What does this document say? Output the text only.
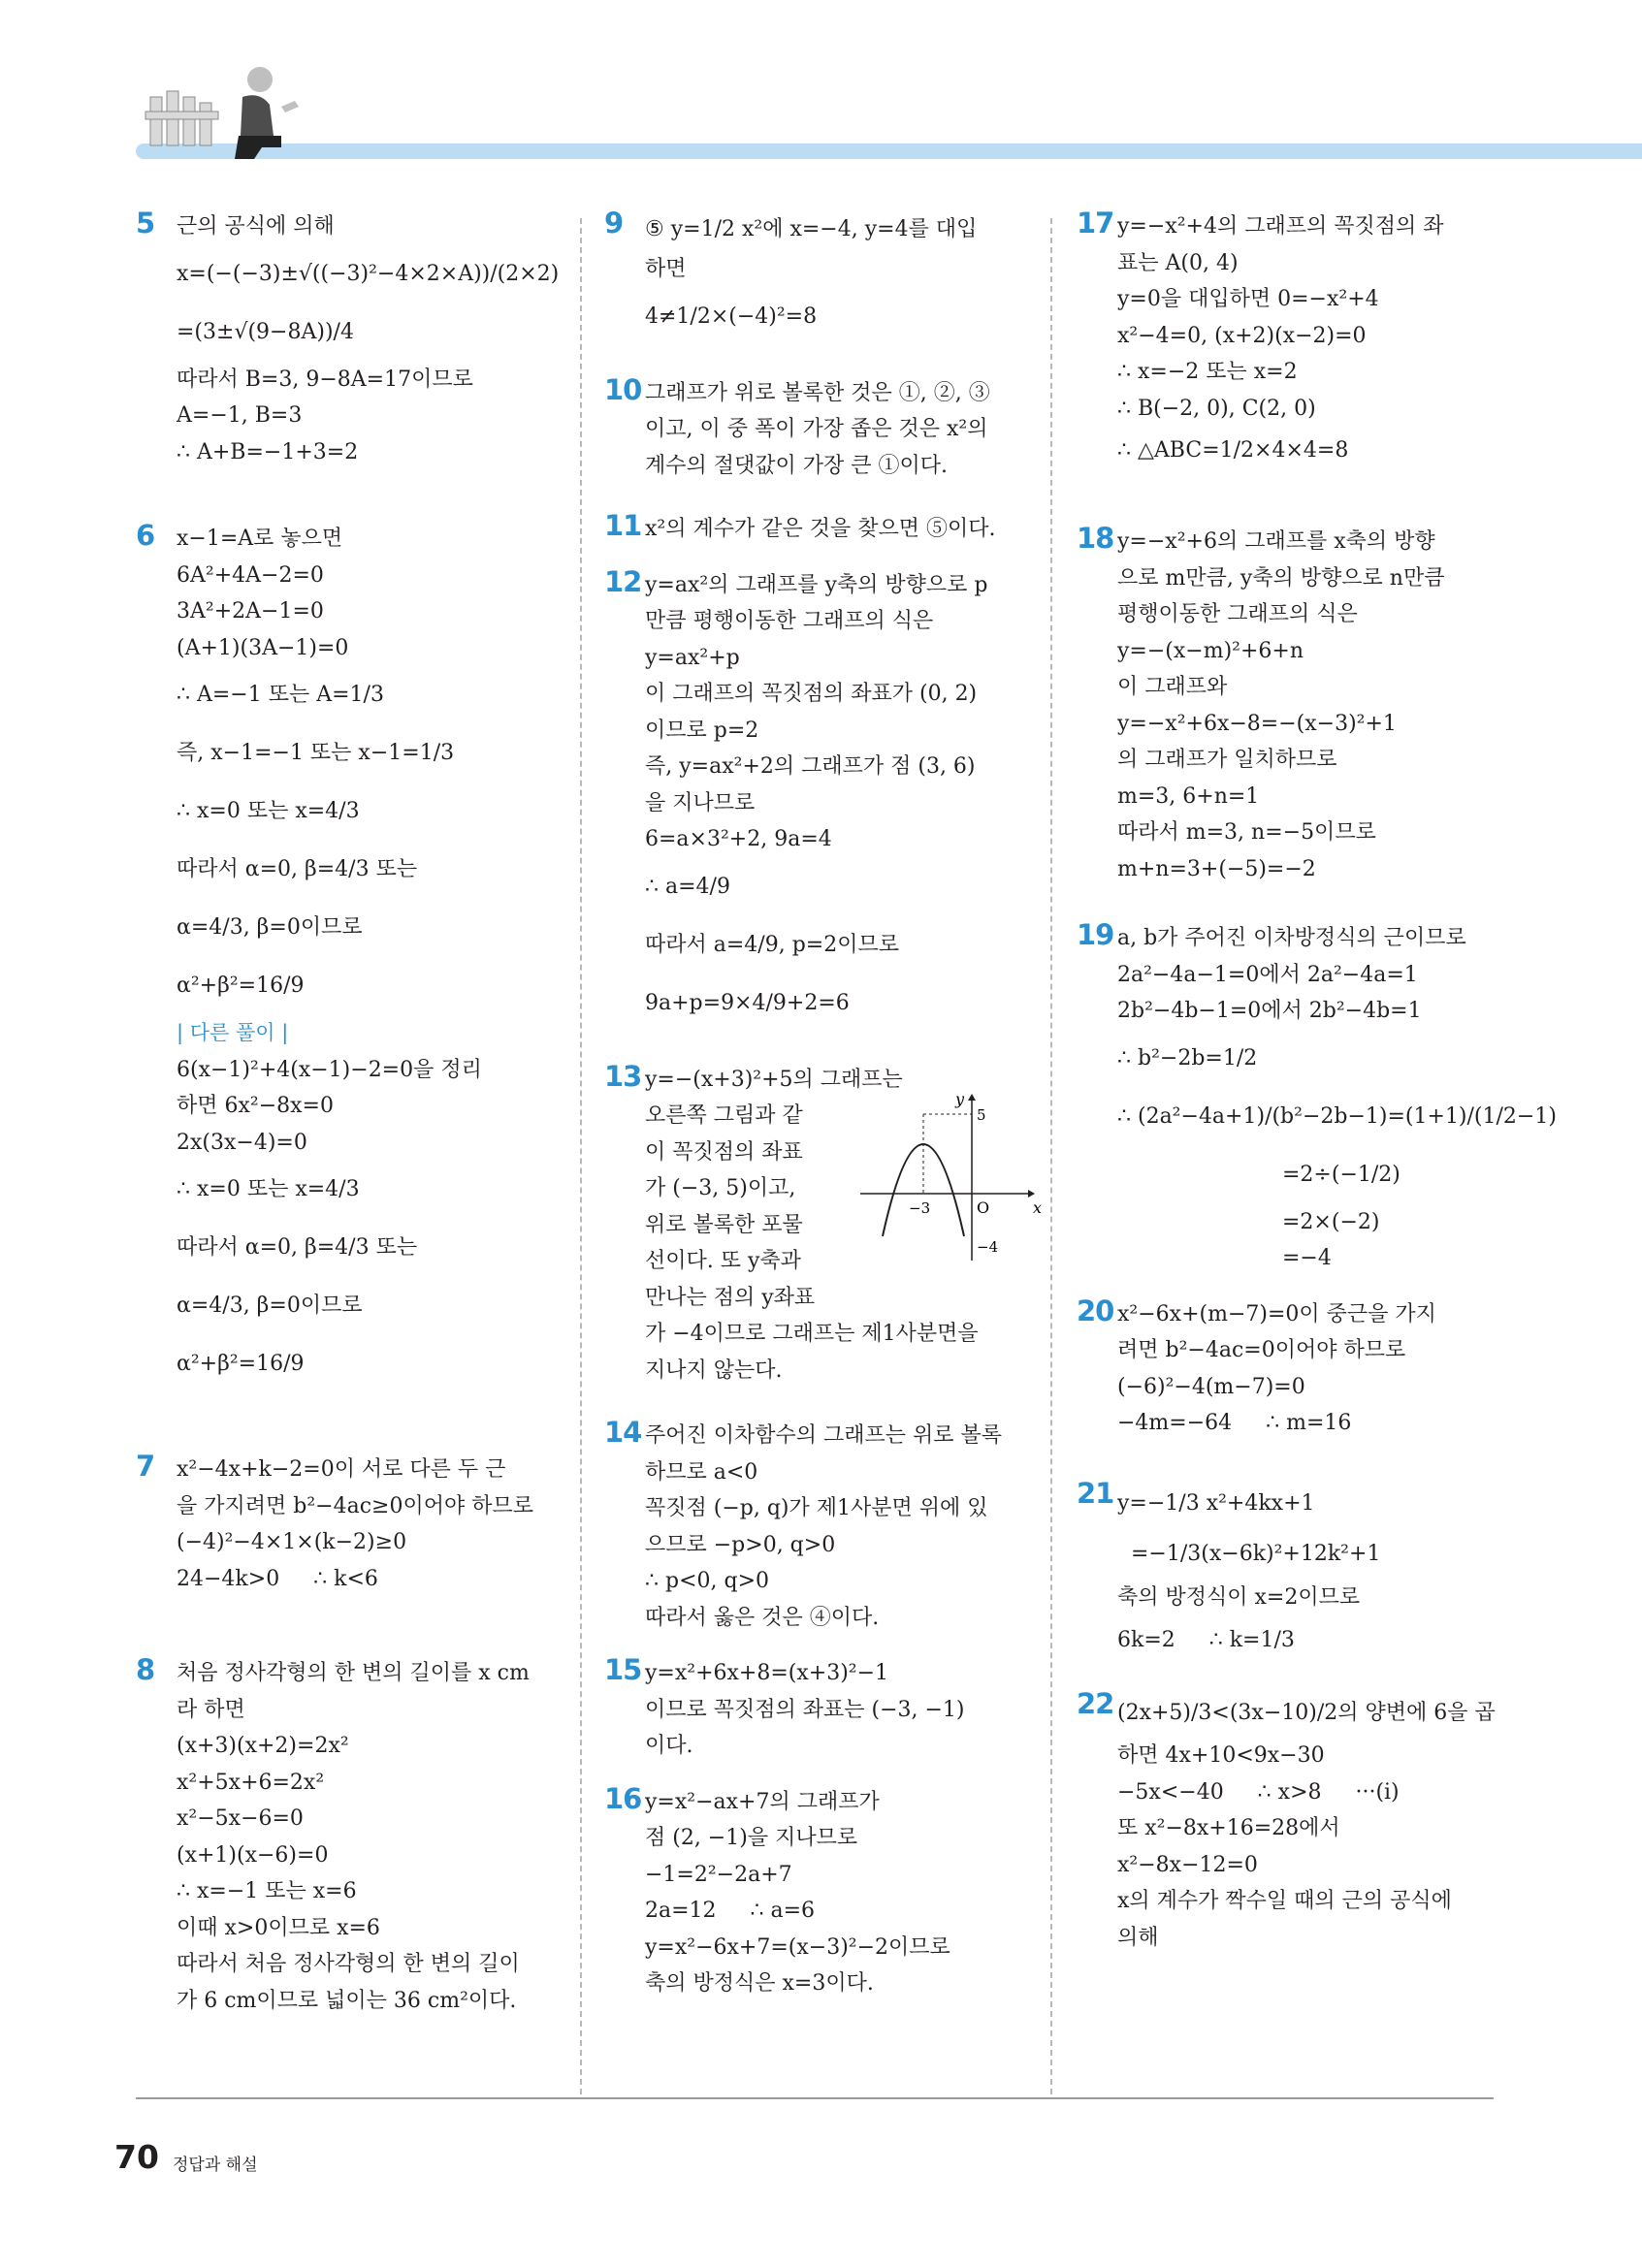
5 근의 공식에 의해
x=(−(−3)±√((−3)²−4×2×A))/(2×2)
=(3±√(9−8A))/4
따라서 B=3, 9−8A=17이므로
A=−1, B=3
∴ A+B=−1+3=2
6 x−1=A로 놓으면
6A²+4A−2=0
3A²+2A−1=0
(A+1)(3A−1)=0
∴ A=−1 또는 A=1/3
즉, x−1=−1 또는 x−1=1/3
∴ x=0 또는 x=4/3
따라서 α=0, β=4/3 또는
α=4/3, β=0이므로
α²+β²=16/9
| 다른 풀이 |
6(x−1)²+4(x−1)−2=0을 정리
하면 6x²−8x=0
2x(3x−4)=0
∴ x=0 또는 x=4/3
따라서 α=0, β=4/3 또는
α=4/3, β=0이므로
α²+β²=16/9
7 x²−4x+k−2=0이 서로 다른 두 근
을 가지려면 b²−4ac≥0이어야 하므로
(−4)²−4×1×(k−2)≥0
24−4k>0     ∴ k<6
8 처음 정사각형의 한 변의 길이를 x cm
라 하면
(x+3)(x+2)=2x²
x²+5x+6=2x²
x²−5x−6=0
(x+1)(x−6)=0
∴ x=−1 또는 x=6
이때 x>0이므로 x=6
따라서 처음 정사각형의 한 변의 길이
가 6 cm이므로 넓이는 36 cm²이다.
9 ⑤ y=1/2 x²에 x=−4, y=4를 대입
하면
4≠1/2×(−4)²=8
10 그래프가 위로 볼록한 것은 ①, ②, ③
이고, 이 중 폭이 가장 좁은 것은 x²의
계수의 절댓값이 가장 큰 ①이다.
11 x²의 계수가 같은 것을 찾으면 ⑤이다.
12 y=ax²의 그래프를 y축의 방향으로 p
만큼 평행이동한 그래프의 식은
y=ax²+p
이 그래프의 꼭짓점의 좌표가 (0, 2)
이므로 p=2
즉, y=ax²+2의 그래프가 점 (3, 6)
을 지나므로
6=a×3²+2, 9a=4
∴ a=4/9
따라서 a=4/9, p=2이므로
9a+p=9×4/9+2=6
13 y=−(x+3)²+5의 그래프는
오른쪽 그림과 같
이 꼭짓점의 좌표
가 (−3, 5)이고,
위로 볼록한 포물
선이다. 또 y축과
만나는 점의 y좌표
가 −4이므로 그래프는 제1사분면을
지나지 않는다.
x
y
O
5
−3
−4
14 주어진 이차함수의 그래프는 위로 볼록
하므로 a<0
꼭짓점 (−p, q)가 제1사분면 위에 있
으므로 −p>0, q>0
∴ p<0, q>0
따라서 옳은 것은 ④이다.
15 y=x²+6x+8=(x+3)²−1
이므로 꼭짓점의 좌표는 (−3, −1)
이다.
16 y=x²−ax+7의 그래프가
점 (2, −1)을 지나므로
−1=2²−2a+7
2a=12     ∴ a=6
y=x²−6x+7=(x−3)²−2이므로
축의 방정식은 x=3이다.
17 y=−x²+4의 그래프의 꼭짓점의 좌
표는 A(0, 4)
y=0을 대입하면 0=−x²+4
x²−4=0, (x+2)(x−2)=0
∴ x=−2 또는 x=2
∴ B(−2, 0), C(2, 0)
∴ △ABC=1/2×4×4=8
18 y=−x²+6의 그래프를 x축의 방향
으로 m만큼, y축의 방향으로 n만큼
평행이동한 그래프의 식은
y=−(x−m)²+6+n
이 그래프와
y=−x²+6x−8=−(x−3)²+1
의 그래프가 일치하므로
m=3, 6+n=1
따라서 m=3, n=−5이므로
m+n=3+(−5)=−2
19 a, b가 주어진 이차방정식의 근이므로
2a²−4a−1=0에서 2a²−4a=1
2b²−4b−1=0에서 2b²−4b=1
∴ b²−2b=1/2
∴ (2a²−4a+1)/(b²−2b−1)=(1+1)/(1/2−1)
=2÷(−1/2)
=2×(−2)
=−4
20 x²−6x+(m−7)=0이 중근을 가지
려면 b²−4ac=0이어야 하므로
(−6)²−4(m−7)=0
−4m=−64     ∴ m=16
21 y=−1/3 x²+4kx+1
=−1/3(x−6k)²+12k²+1
축의 방정식이 x=2이므로
6k=2     ∴ k=1/3
22 (2x+5)/3<(3x−10)/2의 양변에 6을 곱
하면 4x+10<9x−30
−5x<−40     ∴ x>8     ···(i)
또 x²−8x+16=28에서
x²−8x−12=0
x의 계수가 짝수일 때의 근의 공식에
의해
70 정답과 해설
